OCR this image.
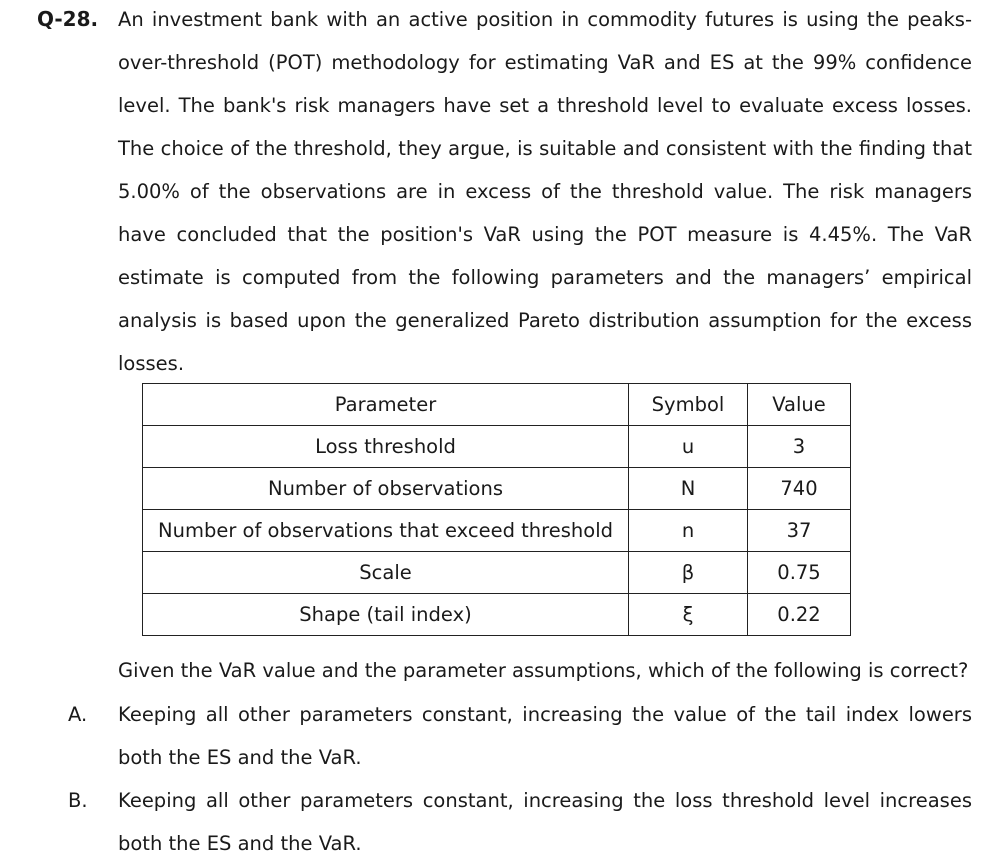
Q-28. An investment bank with an active position in commodity futures is using the peaks-over-threshold (POT) methodology for estimating VaR and ES at the 99% confidence level. The bank's risk managers have set a threshold level to evaluate excess losses. The choice of the threshold, they argue, is suitable and consistent with the finding that 5.00% of the observations are in excess of the threshold value. The risk managers have concluded that the position's VaR using the POT measure is 4.45%. The VaR estimate is computed from the following parameters and the managers’ empirical analysis is based upon the generalized Pareto distribution assumption for the excess losses.

Parameter	Symbol	Value
Loss threshold	u	3
Number of observations	N	740
Number of observations that exceed threshold	n	37
Scale	β	0.75
Shape (tail index)	ξ	0.22

Given the VaR value and the parameter assumptions, which of the following is correct?

A. Keeping all other parameters constant, increasing the value of the tail index lowers both the ES and the VaR.

B. Keeping all other parameters constant, increasing the loss threshold level increases both the ES and the VaR.
